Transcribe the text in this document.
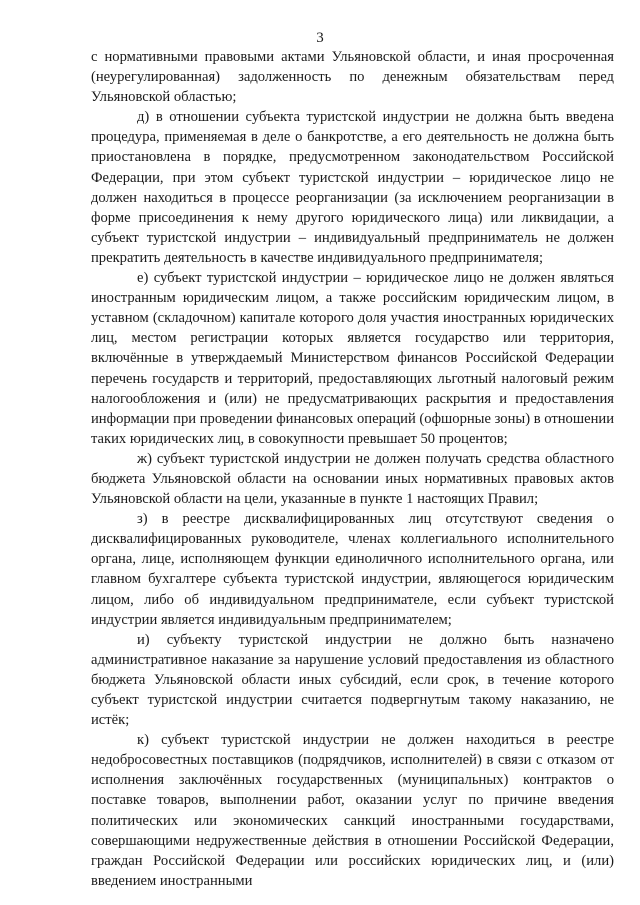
3

с нормативными правовыми актами Ульяновской области, и иная просроченная (неурегулированная) задолженность по денежным обязательствам перед Ульяновской областью;

д) в отношении субъекта туристской индустрии не должна быть введена процедура, применяемая в деле о банкротстве, а его деятельность не должна быть приостановлена в порядке, предусмотренном законодательством Российской Федерации, при этом субъект туристской индустрии – юридическое лицо не должен находиться в процессе реорганизации (за исключением реорганизации в форме присоединения к нему другого юридического лица) или ликвидации, а субъект туристской индустрии – индивидуальный предприниматель не должен прекратить деятельность в качестве индивидуального предпринимателя;

е) субъект туристской индустрии – юридическое лицо не должен являться иностранным юридическим лицом, а также российским юридическим лицом, в уставном (складочном) капитале которого доля участия иностранных юридических лиц, местом регистрации которых является государство или территория, включённые в утверждаемый Министерством финансов Российской Федерации перечень государств и территорий, предоставляющих льготный налоговый режим налогообложения и (или) не предусматривающих раскрытия и предоставления информации при проведении финансовых операций (офшорные зоны) в отношении таких юридических лиц, в совокупности превышает 50 процентов;

ж) субъект туристской индустрии не должен получать средства областного бюджета Ульяновской области на основании иных нормативных правовых актов Ульяновской области на цели, указанные в пункте 1 настоящих Правил;

з) в реестре дисквалифицированных лиц отсутствуют сведения о дисквалифицированных руководителе, членах коллегиального исполнительного органа, лице, исполняющем функции единоличного исполнительного органа, или главном бухгалтере субъекта туристской индустрии, являющегося юридическим лицом, либо об индивидуальном предпринимателе, если субъект туристской индустрии является индивидуальным предпринимателем;

и) субъекту туристской индустрии не должно быть назначено административное наказание за нарушение условий предоставления из областного бюджета Ульяновской области иных субсидий, если срок, в течение которого субъект туристской индустрии считается подвергнутым такому наказанию, не истёк;

к) субъект туристской индустрии не должен находиться в реестре недобросовестных поставщиков (подрядчиков, исполнителей) в связи с отказом от исполнения заключённых государственных (муниципальных) контрактов о поставке товаров, выполнении работ, оказании услуг по причине введения политических или экономических санкций иностранными государствами, совершающими недружественные действия в отношении Российской Федерации, граждан Российской Федерации или российских юридических лиц, и (или) введением иностранными
